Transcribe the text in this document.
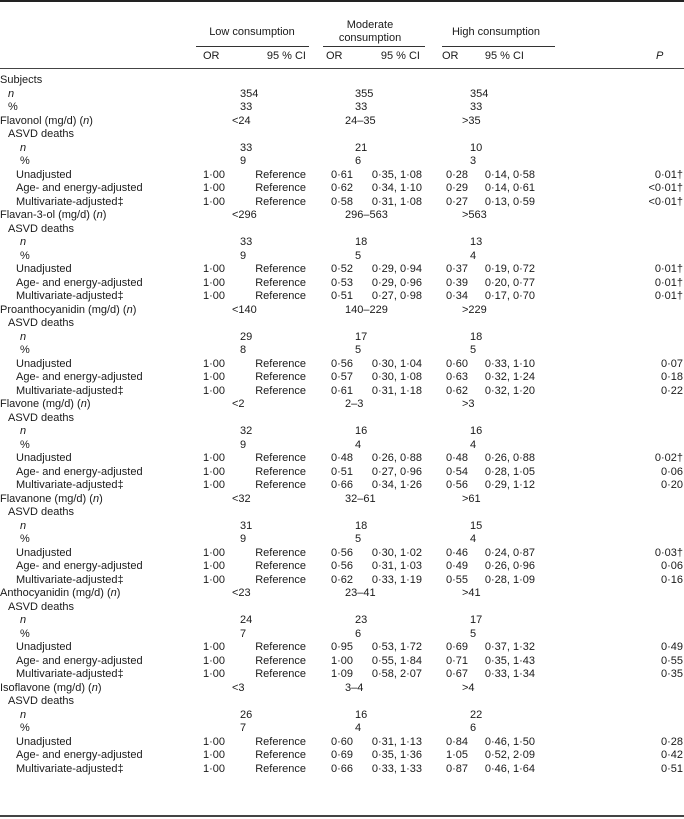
Low consumption
Moderate
consumption	High consumption
OR	95 % CI OR	95 % CI OR	95 % CI	P
Subjects
n	354	355	354
%	33	33	33
Flavonol (mg/d) (n)	<24	24–35	>35
ASVD deaths
n	33	21	10
%	9	6	3
Unadjusted	1·00	Reference 0·61	0·35, 1·08 0·28	0·14, 0·58	0·01†
Age- and energy-adjusted	1·00	Reference 0·62	0·34, 1·10 0·29	0·14, 0·61	<0·01†
Multivariate-adjusted‡	1·00	Reference 0·58	0·31, 1·08 0·27	0·13, 0·59	<0·01†
Flavan-3-ol (mg/d) (n)	<296	296–563	>563
ASVD deaths
n	33	18	13
%	9	5	4
Unadjusted	1·00	Reference 0·52	0·29, 0·94 0·37	0·19, 0·72	0·01†
Age- and energy-adjusted	1·00	Reference 0·53	0·29, 0·96 0·39	0·20, 0·77	0·01†
Multivariate-adjusted‡	1·00	Reference 0·51	0·27, 0·98 0·34	0·17, 0·70	0·01†
Proanthocyanidin (mg/d) (n)	<140	140–229	>229
ASVD deaths
n	29	17	18
%	8	5	5
Unadjusted	1·00	Reference 0·56	0·30, 1·04 0·60	0·33, 1·10	0·07
Age- and energy-adjusted	1·00	Reference 0·57	0·30, 1·08 0·63	0·32, 1·24	0·18
Multivariate-adjusted‡	1·00	Reference 0·61	0·31, 1·18 0·62	0·32, 1·20	0·22
Flavone (mg/d) (n)	<2	2–3	>3
ASVD deaths
n	32	16	16
%	9	4	4
Unadjusted	1·00	Reference 0·48	0·26, 0·88 0·48	0·26, 0·88	0·02†
Age- and energy-adjusted	1·00	Reference 0·51	0·27, 0·96 0·54	0·28, 1·05	0·06
Multivariate-adjusted‡	1·00	Reference 0·66	0·34, 1·26 0·56	0·29, 1·12	0·20
Flavanone (mg/d) (n)	<32	32–61	>61
ASVD deaths
n	31	18	15
%	9	5	4
Unadjusted	1·00	Reference 0·56	0·30, 1·02 0·46	0·24, 0·87	0·03†
Age- and energy-adjusted	1·00	Reference 0·56	0·31, 1·03 0·49	0·26, 0·96	0·06
Multivariate-adjusted‡	1·00	Reference 0·62	0·33, 1·19 0·55	0·28, 1·09	0·16
Anthocyanidin (mg/d) (n)	<23	23–41	>41
ASVD deaths
n	24	23	17
%	7	6	5
Unadjusted	1·00	Reference 0·95	0·53, 1·72 0·69	0·37, 1·32	0·49
Age- and energy-adjusted	1·00	Reference 1·00	0·55, 1·84 0·71	0·35, 1·43	0·55
Multivariate-adjusted‡	1·00	Reference 1·09	0·58, 2·07 0·67	0·33, 1·34	0·35
Isoflavone (mg/d) (n)	<3	3–4	>4
ASVD deaths
n	26	16	22
%	7	4	6
Unadjusted	1·00	Reference 0·60	0·31, 1·13 0·84	0·46, 1·50	0·28
Age- and energy-adjusted	1·00	Reference 0·69	0·35, 1·36 1·05	0·52, 2·09	0·42
Multivariate-adjusted‡	1·00	Reference 0·66	0·33, 1·33 0·87	0·46, 1·64	0·51
